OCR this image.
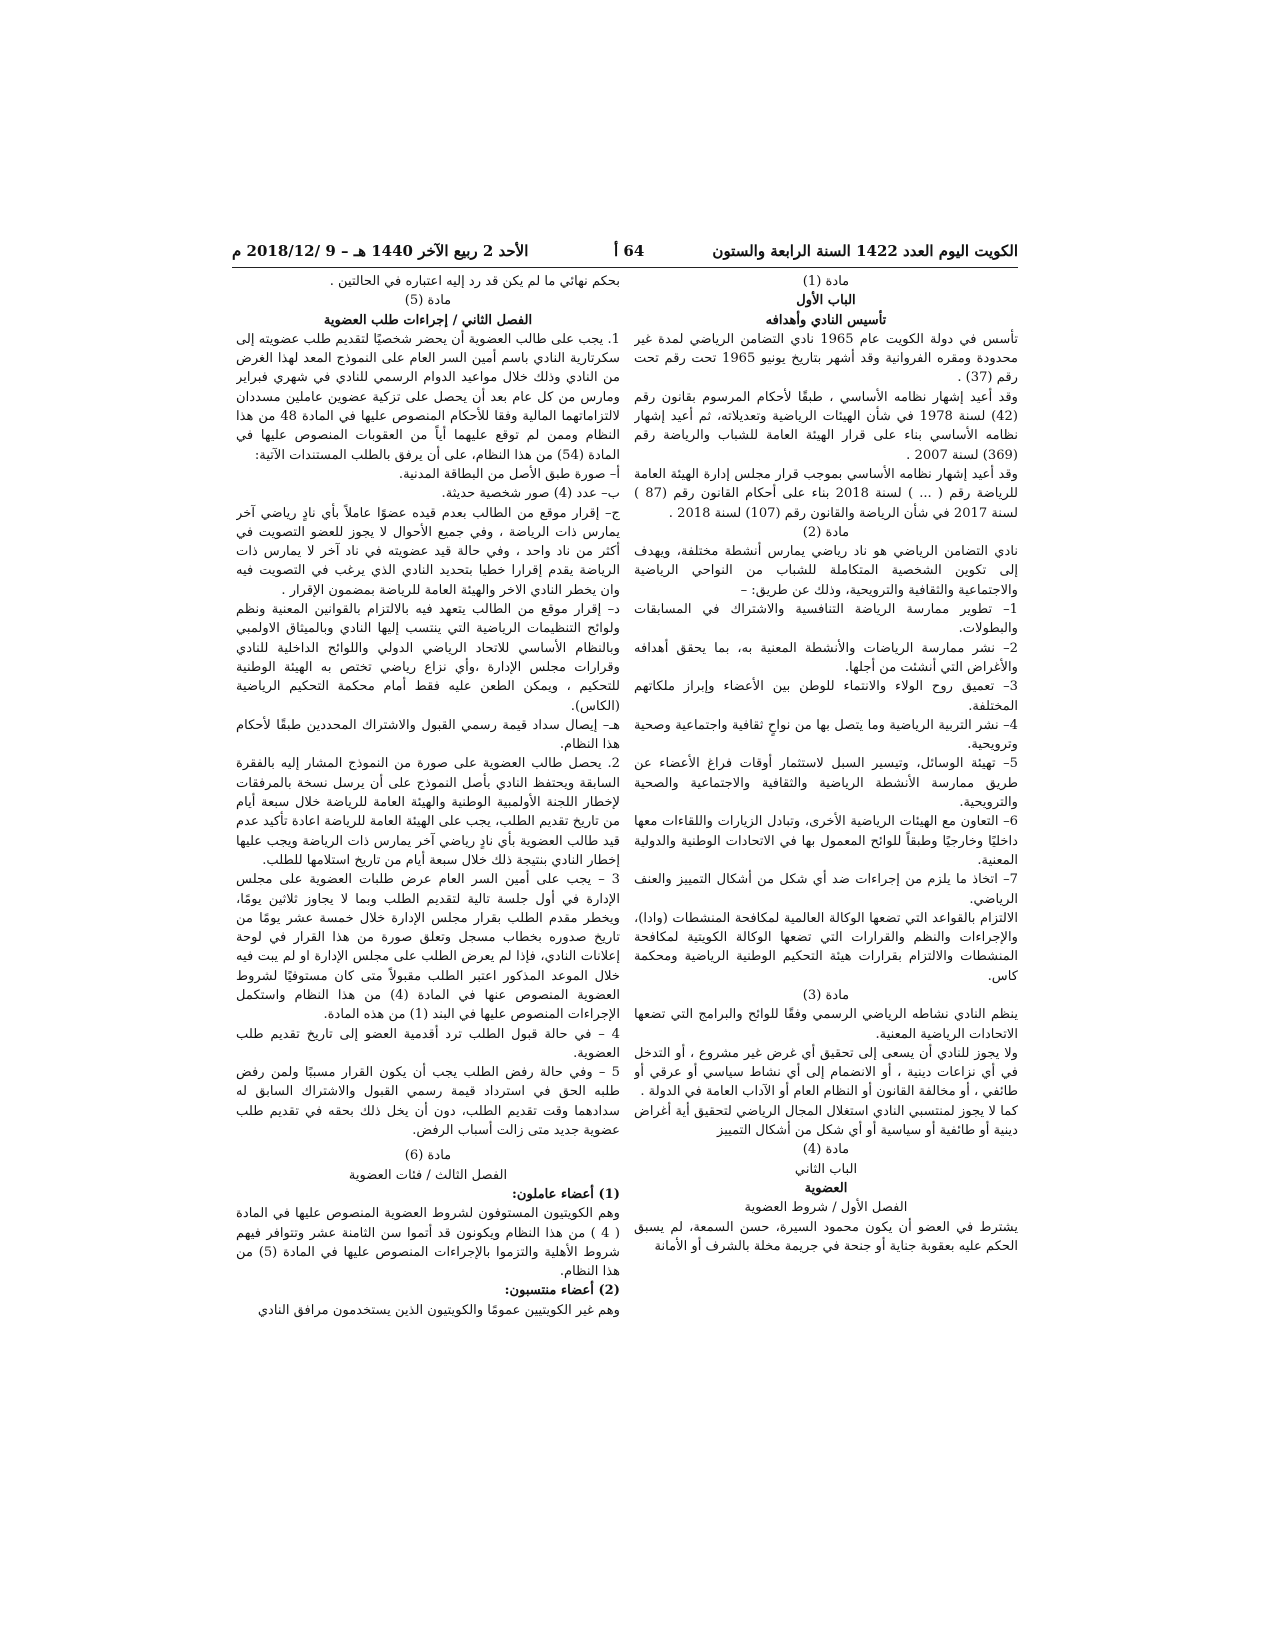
الكويت اليوم العدد 1422 السنة الرابعة والستون
64 أ
الأحد 2 ربيع الآخر 1440 هـ – 9 /2018/12 م

مادة (1)

الباب الأول

تأسيس النادي وأهدافه

تأسس في دولة الكويت عام 1965 نادي التضامن الرياضي لمدة غير محدودة ومقره الفروانية وقد أشهر بتاريخ يونيو 1965 تحت رقم تحت رقم (37) .

وقد أعيد إشهار نظامه الأساسي ، طبقًا لأحكام المرسوم بقانون رقم (42) لسنة 1978 في شأن الهيئات الرياضية وتعديلاته، ثم أعيد إشهار نظامه الأساسي بناء على قرار الهيئة العامة للشباب والرياضة رقم (369) لسنة 2007 .

وقد أعيد إشهار نظامه الأساسي بموجب قرار مجلس إدارة الهيئة العامة للرياضة رقم ( ... ) لسنة 2018 بناء على أحكام القانون رقم (87 ) لسنة 2017 في شأن الرياضة والقانون رقم (107) لسنة 2018 .

مادة (2)

نادي التضامن الرياضي هو ناد رياضي يمارس أنشطة مختلفة، ويهدف إلى تكوين الشخصية المتكاملة للشباب من النواحي الرياضية والاجتماعية والثقافية والترويحية، وذلك عن طريق: –

1– تطوير ممارسة الرياضة التنافسية والاشتراك في المسابقات والبطولات.

2– نشر ممارسة الرياضات والأنشطة المعنية به، بما يحقق أهدافه والأغراض التي أنشئت من أجلها.

3– تعميق روح الولاء والانتماء للوطن بين الأعضاء وإبراز ملكاتهم المختلفة.

4– نشر التربية الرياضية وما يتصل بها من نواحٍ ثقافية واجتماعية وصحية وترويحية.

5– تهيئة الوسائل، وتيسير السبل لاستثمار أوقات فراغ الأعضاء عن طريق ممارسة الأنشطة الرياضية والثقافية والاجتماعية والصحية والترويحية.

6– التعاون مع الهيئات الرياضية الأخرى، وتبادل الزيارات واللقاءات معها داخليًا وخارجيًا وطبقاً للوائح المعمول بها في الاتحادات الوطنية والدولية المعنية.

7– اتخاذ ما يلزم من إجراءات ضد أي شكل من أشكال التمييز والعنف الرياضي.

الالتزام بالقواعد التي تضعها الوكالة العالمية لمكافحة المنشطات (وادا)، والإجراءات والنظم والقرارات التي تضعها الوكالة الكويتية لمكافحة المنشطات والالتزام بقرارات هيئة التحكيم الوطنية الرياضية ومحكمة كاس.

مادة (3)

ينظم النادي نشاطه الرياضي الرسمي وفقًا للوائح والبرامج التي تضعها الاتحادات الرياضية المعنية.

ولا يجوز للنادي أن يسعى إلى تحقيق أي غرض غير مشروع ، أو التدخل في أي نزاعات دينية ، أو الانضمام إلى أي نشاط سياسي أو عرقي أو طائفي ، أو مخالفة القانون أو النظام العام أو الآداب العامة في الدولة .

كما لا يجوز لمنتسبي النادي استغلال المجال الرياضي لتحقيق أية أغراض دينية أو طائفية أو سياسية أو أي شكل من أشكال التمييز

مادة (4)

الباب الثاني

العضوية

الفصل الأول / شروط العضوية

يشترط في العضو أن يكون محمود السيرة، حسن السمعة، لم يسبق الحكم عليه بعقوبة جناية أو جنحة في جريمة مخلة بالشرف أو الأمانة

بحكم نهائي ما لم يكن قد رد إليه اعتباره في الحالتين .

مادة (5)

الفصل الثاني / إجراءات طلب العضوية

1. يجب على طالب العضوية أن يحضر شخصيًا لتقديم طلب عضويته إلى سكرتارية النادي باسم أمين السر العام على النموذج المعد لهذا الغرض من النادي وذلك خلال مواعيد الدوام الرسمي للنادي في شهري فبراير ومارس من كل عام بعد أن يحصل على تزكية عضوين عاملين مسددان لالتزاماتهما المالية وفقا للأحكام المنصوص عليها في المادة 48 من هذا النظام وممن لم توقع عليهما أياً من العقوبات المنصوص عليها في المادة (54) من هذا النظام، على أن يرفق بالطلب المستندات الآتية:

أ– صورة طبق الأصل من البطاقة المدنية.

ب– عدد (4) صور شخصية حديثة.

ج– إقرار موقع من الطالب بعدم قيده عضوًا عاملاً بأي نادٍ رياضي آخر يمارس ذات الرياضة ، وفي جميع الأحوال لا يجوز للعضو التصويت في أكثر من ناد واحد ، وفي حالة قيد عضويته في ناد آخر لا يمارس ذات الرياضة يقدم إقرارا خطيا بتحديد النادي الذي يرغب في التصويت فيه وان يخطر النادي الاخر والهيئة العامة للرياضة بمضمون الإقرار .

د– إقرار موقع من الطالب يتعهد فيه بالالتزام بالقوانين المعنية ونظم ولوائح التنظيمات الرياضية التي ينتسب إليها النادي وبالميثاق الاولمبي وبالنظام الأساسي للاتحاد الرياضي الدولي واللوائح الداخلية للنادي وقرارات مجلس الإدارة ،وأي نزاع رياضي تختص به الهيئة الوطنية للتحكيم ، ويمكن الطعن عليه فقط أمام محكمة التحكيم الرياضية (الكاس).

هـ– إيصال سداد قيمة رسمي القبول والاشتراك المحددين طبقًا لأحكام هذا النظام.

2. يحصل طالب العضوية على صورة من النموذج المشار إليه بالفقرة السابقة ويحتفظ النادي بأصل النموذج على أن يرسل نسخة بالمرفقات لإخطار اللجنة الأولمبية الوطنية والهيئة العامة للرياضة خلال سبعة أيام من تاريخ تقديم الطلب، يجب على الهيئة العامة للرياضة اعادة تأكيد عدم قيد طالب العضوية بأي نادٍ رياضي آخر يمارس ذات الرياضة ويجب عليها إخطار النادي بنتيجة ذلك خلال سبعة أيام من تاريخ استلامها للطلب.

3 – يجب على أمين السر العام عرض طلبات العضوية على مجلس الإدارة في أول جلسة تالية لتقديم الطلب وبما لا يجاوز ثلاثين يومًا، ويخطر مقدم الطلب بقرار مجلس الإدارة خلال خمسة عشر يومًا من تاريخ صدوره بخطاب مسجل وتعلق صورة من هذا القرار في لوحة إعلانات النادي، فإذا لم يعرض الطلب على مجلس الإدارة او لم يبت فيه خلال الموعد المذكور اعتبر الطلب مقبولاً متى كان مستوفيًا لشروط العضوية المنصوص عنها في المادة (4) من هذا النظام واستكمل الإجراءات المنصوص عليها في البند (1) من هذه المادة.

4 – في حالة قبول الطلب ترد أقدمية العضو إلى تاريخ تقديم طلب العضوية.

5 – وفي حالة رفض الطلب يجب أن يكون القرار مسببًا ولمن رفض طلبه الحق في استرداد قيمة رسمي القبول والاشتراك السابق له سدادهما وقت تقديم الطلب، دون أن يخل ذلك بحقه في تقديم طلب عضوية جديد متى زالت أسباب الرفض.

مادة (6)

الفصل الثالث / فئات العضوية

(1) أعضاء عاملون:

وهم الكويتيون المستوفون لشروط العضوية المنصوص عليها في المادة ( 4 ) من هذا النظام ويكونون قد أتموا سن الثامنة عشر وتتوافر فيهم شروط الأهلية والتزموا بالإجراءات المنصوص عليها في المادة (5) من هذا النظام.

(2) أعضاء منتسبون:

وهم غير الكويتيين عمومًا والكويتيون الذين يستخدمون مرافق النادي
